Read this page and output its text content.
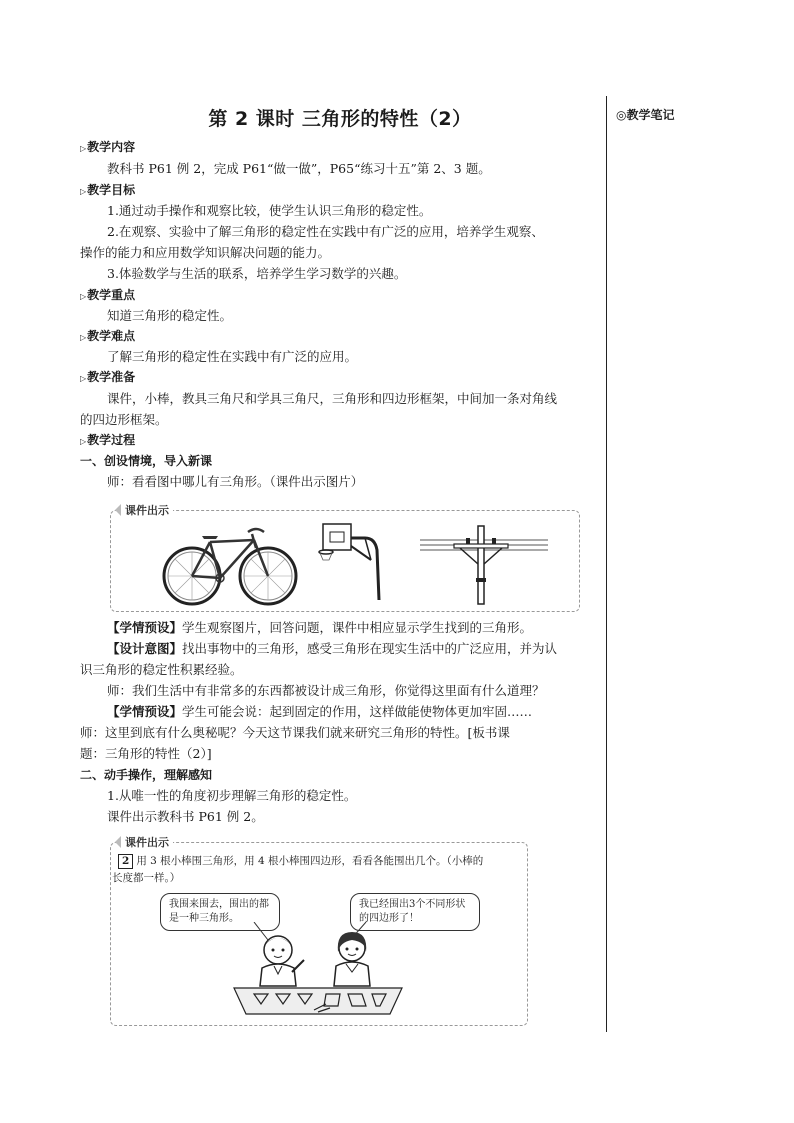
◎教学笔记
第 2 课时 三角形的特性（2）
▷教学内容
教科书 P61 例 2，完成 P61“做一做”，P65“练习十五”第 2、3 题。
▷教学目标
1.通过动手操作和观察比较，使学生认识三角形的稳定性。
2.在观察、实验中了解三角形的稳定性在实践中有广泛的应用，培养学生观察、
操作的能力和应用数学知识解决问题的能力。
3.体验数学与生活的联系，培养学生学习数学的兴趣。
▷教学重点
知道三角形的稳定性。
▷教学难点
了解三角形的稳定性在实践中有广泛的应用。
▷教学准备
课件，小棒，教具三角尺和学具三角尺，三角形和四边形框架，中间加一条对角线
的四边形框架。
▷教学过程
一、创设情境，导入新课
师：看看图中哪儿有三角形。（课件出示图片）
课件出示
【学情预设】学生观察图片，回答问题，课件中相应显示学生找到的三角形。
【设计意图】找出事物中的三角形，感受三角形在现实生活中的广泛应用，并为认
识三角形的稳定性积累经验。
师：我们生活中有非常多的东西都被设计成三角形，你觉得这里面有什么道理？
【学情预设】学生可能会说：起到固定的作用，这样做能使物体更加牢固……
师：这里到底有什么奥秘呢？今天这节课我们就来研究三角形的特性。[板书课
题：三角形的特性（2）]
二、动手操作，理解感知
1.从唯一性的角度初步理解三角形的稳定性。
课件出示教科书 P61 例 2。
课件出示
2 用 3 根小棒围三角形，用 4 根小棒围四边形，看看各能围出几个。（小棒的
长度都一样。）
我围来围去，围出的都是一种三角形。
我已经围出3个不同形状的四边形了！
